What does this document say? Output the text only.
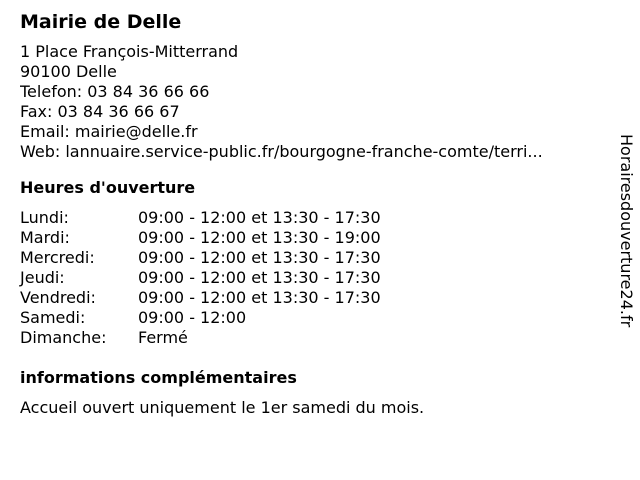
Mairie de Delle
1 Place François-Mitterrand
90100 Delle
Telefon: 03 84 36 66 66
Fax: 03 84 36 66 67
Email: mairie@delle.fr
Web: lannuaire.service-public.fr/bourgogne-franche-comte/terri...
Heures d'ouverture
Lundi:	09:00 - 12:00 et 13:30 - 17:30
Mardi:	09:00 - 12:00 et 13:30 - 19:00
Mercredi:	09:00 - 12:00 et 13:30 - 17:30
Jeudi:	09:00 - 12:00 et 13:30 - 17:30
Vendredi:	09:00 - 12:00 et 13:30 - 17:30
Samedi:	09:00 - 12:00
Dimanche:	Fermé
informations complémentaires
Accueil ouvert uniquement le 1er samedi du mois.
Horairesdouverture24.fr
